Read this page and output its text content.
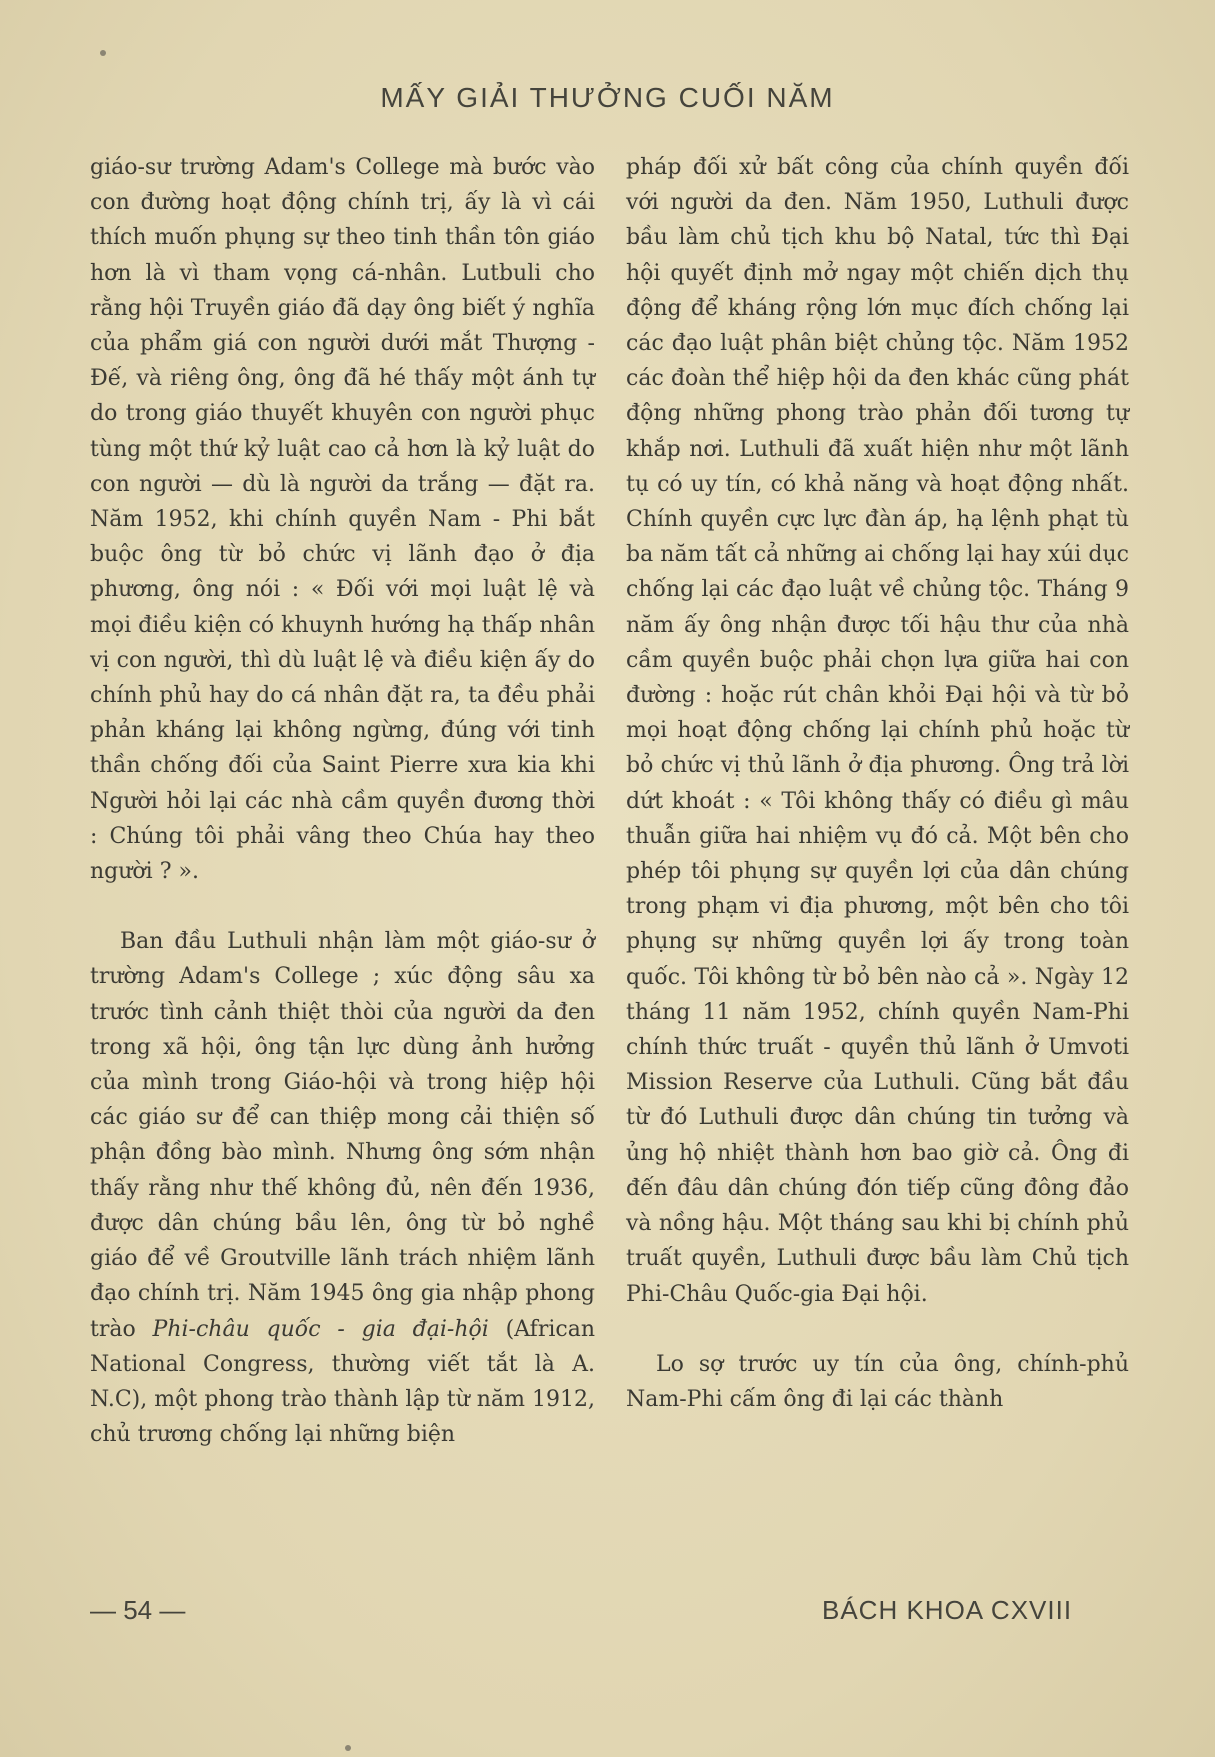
MẤY GIẢI THƯỞNG CUỐI NĂM

giáo-sư trường Adam's College mà bước vào con đường hoạt động chính trị, ấy là vì cái thích muốn phụng sự theo tinh thần tôn giáo hơn là vì tham vọng cá-nhân. Lutbuli cho rằng hội Truyền giáo đã dạy ông biết ý nghĩa của phẩm giá con người dưới mắt Thượng - Đế, và riêng ông, ông đã hé thấy một ánh tự do trong giáo thuyết khuyên con người phục tùng một thứ kỷ luật cao cả hơn là kỷ luật do con người — dù là người da trắng — đặt ra. Năm 1952, khi chính quyền Nam - Phi bắt buộc ông từ bỏ chức vị lãnh đạo ở địa phương, ông nói : « Đối với mọi luật lệ và mọi điều kiện có khuynh hướng hạ thấp nhân vị con người, thì dù luật lệ và điều kiện ấy do chính phủ hay do cá nhân đặt ra, ta đều phải phản kháng lại không ngừng, đúng với tinh thần chống đối của Saint Pierre xưa kia khi Người hỏi lại các nhà cầm quyền đương thời : Chúng tôi phải vâng theo Chúa hay theo người ? ».

Ban đầu Luthuli nhận làm một giáo-sư ở trường Adam's College ; xúc động sâu xa trước tình cảnh thiệt thòi của người da đen trong xã hội, ông tận lực dùng ảnh hưởng của mình trong Giáo-hội và trong hiệp hội các giáo sư để can thiệp mong cải thiện số phận đồng bào mình. Nhưng ông sớm nhận thấy rằng như thế không đủ, nên đến 1936, được dân chúng bầu lên, ông từ bỏ nghề giáo để về Groutville lãnh trách nhiệm lãnh đạo chính trị. Năm 1945 ông gia nhập phong trào Phi-châu quốc - gia đại-hội (African National Congress, thường viết tắt là A. N.C), một phong trào thành lập từ năm 1912, chủ trương chống lại những biện

pháp đối xử bất công của chính quyền đối với người da đen. Năm 1950, Luthuli được bầu làm chủ tịch khu bộ Natal, tức thì Đại hội quyết định mở ngay một chiến dịch thụ động để kháng rộng lớn mục đích chống lại các đạo luật phân biệt chủng tộc. Năm 1952 các đoàn thể hiệp hội da đen khác cũng phát động những phong trào phản đối tương tự khắp nơi. Luthuli đã xuất hiện như một lãnh tụ có uy tín, có khả năng và hoạt động nhất. Chính quyền cực lực đàn áp, hạ lệnh phạt tù ba năm tất cả những ai chống lại hay xúi dục chống lại các đạo luật về chủng tộc. Tháng 9 năm ấy ông nhận được tối hậu thư của nhà cầm quyền buộc phải chọn lựa giữa hai con đường : hoặc rút chân khỏi Đại hội và từ bỏ mọi hoạt động chống lại chính phủ hoặc từ bỏ chức vị thủ lãnh ở địa phương. Ông trả lời dứt khoát : « Tôi không thấy có điều gì mâu thuẫn giữa hai nhiệm vụ đó cả. Một bên cho phép tôi phụng sự quyền lợi của dân chúng trong phạm vi địa phương, một bên cho tôi phụng sự những quyền lợi ấy trong toàn quốc. Tôi không từ bỏ bên nào cả ». Ngày 12 tháng 11 năm 1952, chính quyền Nam-Phi chính thức truất - quyền thủ lãnh ở Umvoti Mission Reserve của Luthuli. Cũng bắt đầu từ đó Luthuli được dân chúng tin tưởng và ủng hộ nhiệt thành hơn bao giờ cả. Ông đi đến đâu dân chúng đón tiếp cũng đông đảo và nồng hậu. Một tháng sau khi bị chính phủ truất quyền, Luthuli được bầu làm Chủ tịch Phi-Châu Quốc-gia Đại hội.

Lo sợ trước uy tín của ông, chính-phủ Nam-Phi cấm ông đi lại các thành

— 54 —	BÁCH KHOA CXVIII
